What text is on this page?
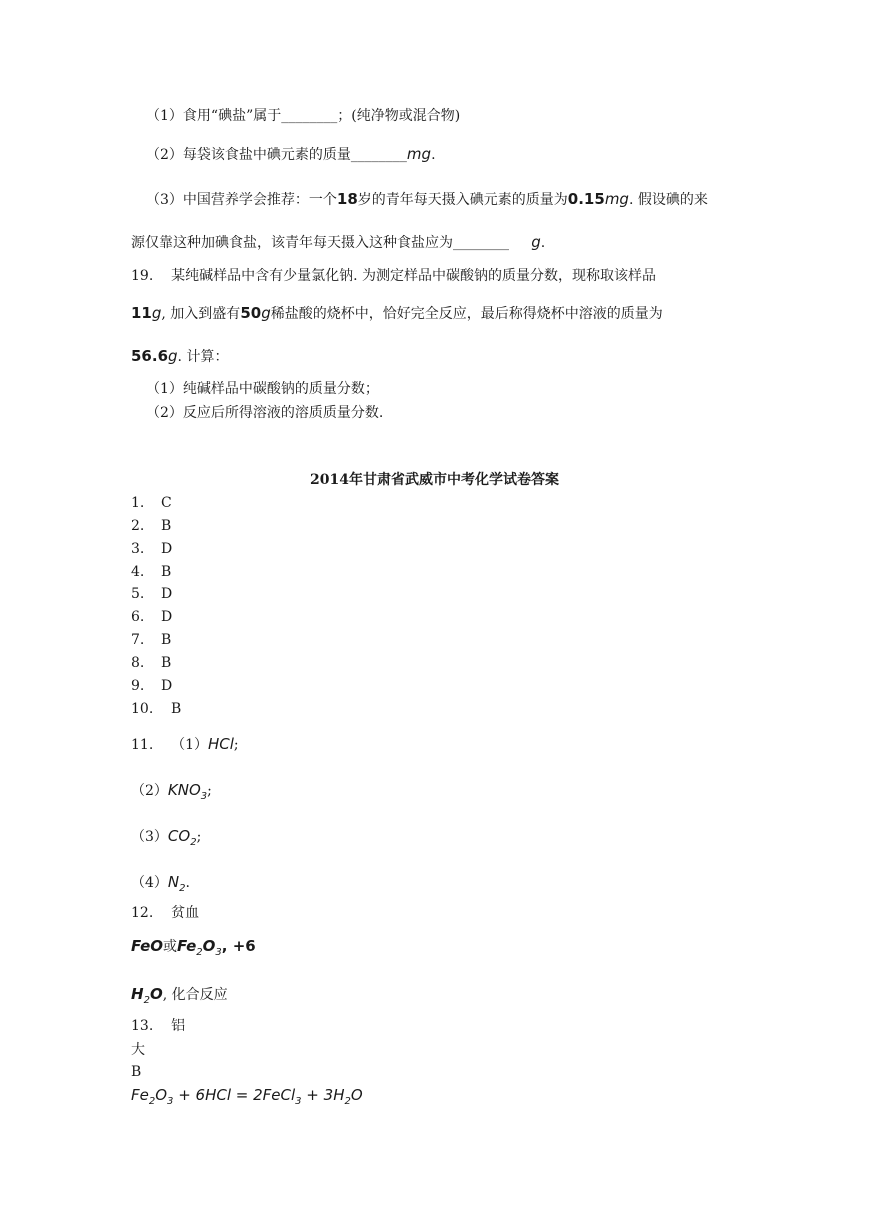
（1）食用“碘盐”属于________；(纯净物或混合物)
（2）每袋该食盐中碘元素的质量________mg.
（3）中国营养学会推荐：一个18岁的青年每天摄入碘元素的质量为0.15mg. 假设碘的来
源仅靠这种加碘食盐，该青年每天摄入这种食盐应为________ g.
19. 某纯碱样品中含有少量氯化钠. 为测定样品中碳酸钠的质量分数，现称取该样品
11g, 加入到盛有50g稀盐酸的烧杯中，恰好完全反应，最后称得烧杯中溶液的质量为
56.6g. 计算：
（1）纯碱样品中碳酸钠的质量分数；
（2）反应后所得溶液的溶质质量分数.
2014年甘肃省武威市中考化学试卷答案
1. C
2. B
3. D
4. B
5. D
6. D
7. B
8. B
9. D
10. B
11. （1）HCl;
$(2)KNO_3$;
$(3)CO_2$;
$(4)N_2$.
12. 贫血
FeO或$Fe_2O_3$, +6
$H_2O$, 化合反应
13. 铝
大
B
$Fe_2O_3 + 6HCl$ = 2FeCl$_3$ + $3H_2O$
